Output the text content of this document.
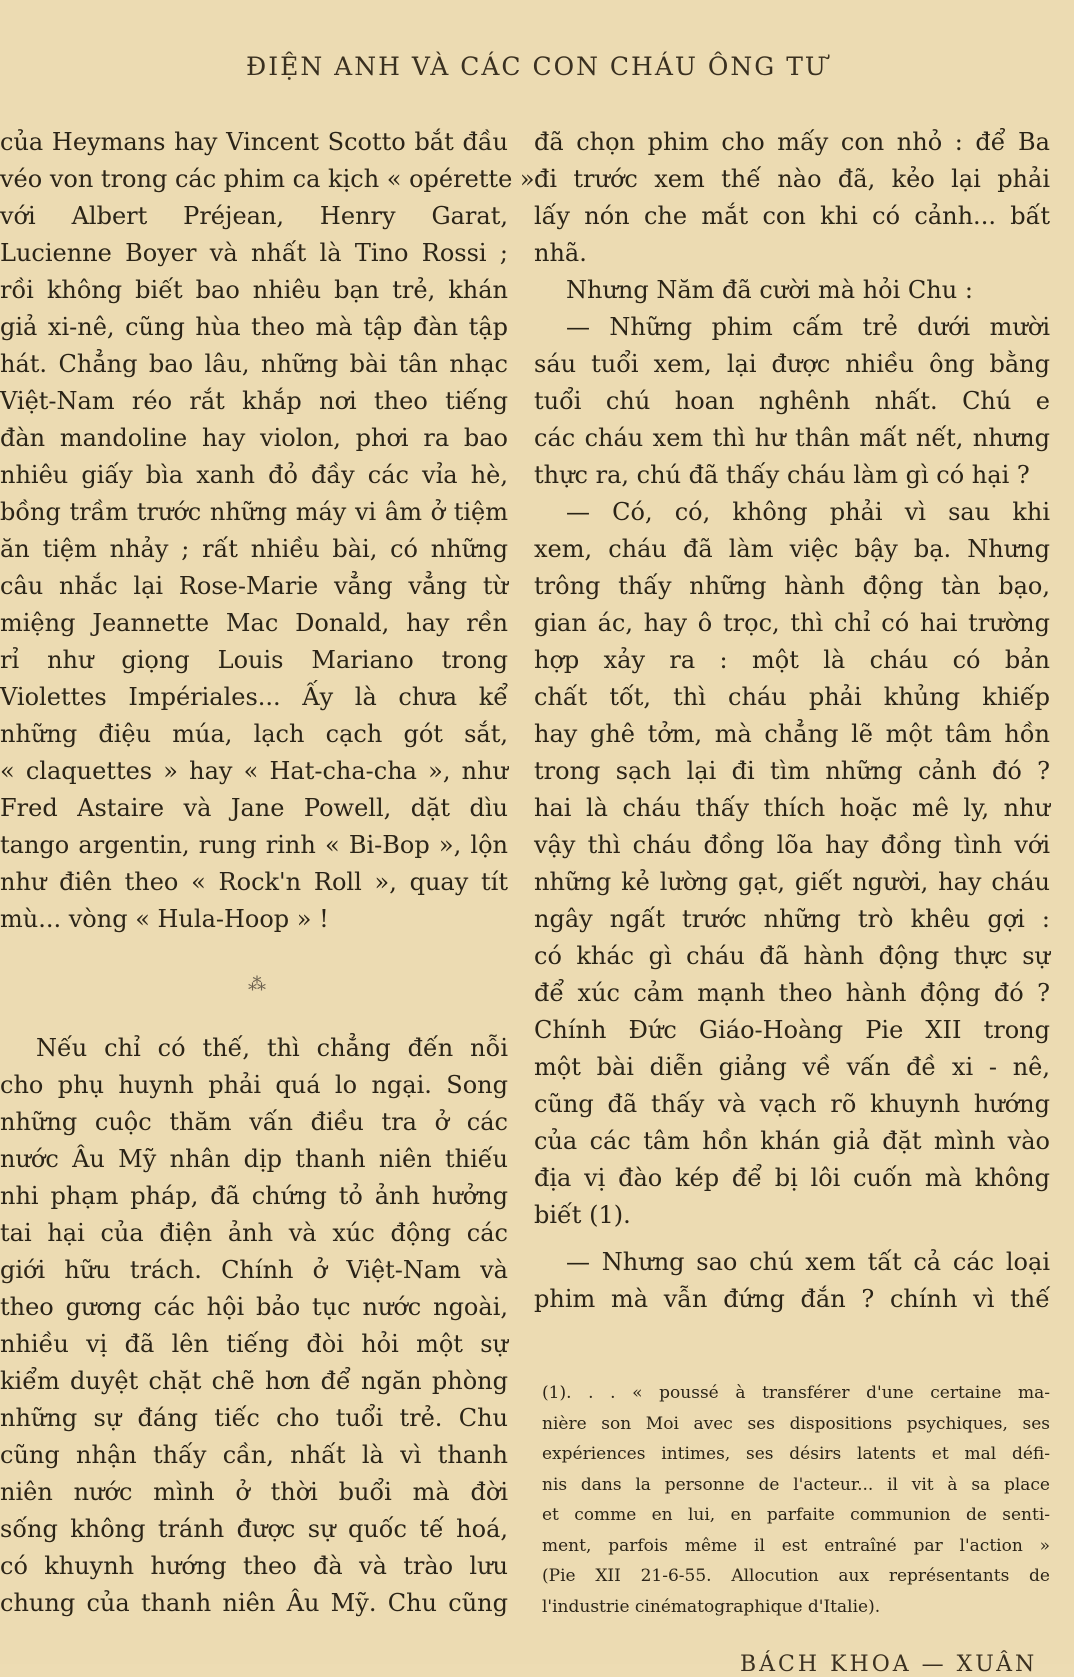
ĐIỆN ANH VÀ CÁC CON CHÁU ÔNG TƯ
của Heymans hay Vincent Scotto bắt đầu
véo von trong các phim ca kịch « opérette »
với Albert Préjean, Henry Garat,
Lucienne Boyer và nhất là Tino Rossi ;
rồi không biết bao nhiêu bạn trẻ, khán
giả xi-nê, cũng hùa theo mà tập đàn tập
hát. Chẳng bao lâu, những bài tân nhạc
Việt-Nam réo rắt khắp nơi theo tiếng
đàn mandoline hay violon, phơi ra bao
nhiêu giấy bìa xanh đỏ đầy các vỉa hè,
bồng trầm trước những máy vi âm ở tiệm
ăn tiệm nhảy ; rất nhiều bài, có những
câu nhắc lại Rose-Marie vẳng vẳng từ
miệng Jeannette Mac Donald, hay rền
rỉ như giọng Louis Mariano trong
Violettes Impériales... Ấy là chưa kể
những điệu múa, lạch cạch gót sắt,
« claquettes » hay « Hat-cha-cha », như
Fred Astaire và Jane Powell, dặt dìu
tango argentin, rung rinh « Bi-Bop », lộn
như điên theo « Rock'n Roll », quay tít
mù... vòng « Hula-Hoop » !
⁂
Nếu chỉ có thế, thì chẳng đến nỗi
cho phụ huynh phải quá lo ngại. Song
những cuộc thăm vấn điều tra ở các
nước Âu Mỹ nhân dịp thanh niên thiếu
nhi phạm pháp, đã chứng tỏ ảnh hưởng
tai hại của điện ảnh và xúc động các
giới hữu trách. Chính ở Việt-Nam và
theo gương các hội bảo tục nước ngoài,
nhiều vị đã lên tiếng đòi hỏi một sự
kiểm duyệt chặt chẽ hơn để ngăn phòng
những sự đáng tiếc cho tuổi trẻ. Chu
cũng nhận thấy cần, nhất là vì thanh
niên nước mình ở thời buổi mà đời
sống không tránh được sự quốc tế hoá,
có khuynh hướng theo đà và trào lưu
chung của thanh niên Âu Mỹ. Chu cũng
đã chọn phim cho mấy con nhỏ : để Ba
đi trước xem thế nào đã, kẻo lại phải
lấy nón che mắt con khi có cảnh... bất
nhã.
Nhưng Năm đã cười mà hỏi Chu :
— Những phim cấm trẻ dưới mười
sáu tuổi xem, lại được nhiều ông bằng
tuổi chú hoan nghênh nhất. Chú e
các cháu xem thì hư thân mất nết, nhưng
thực ra, chú đã thấy cháu làm gì có hại ?
— Có, có, không phải vì sau khi
xem, cháu đã làm việc bậy bạ. Nhưng
trông thấy những hành động tàn bạo,
gian ác, hay ô trọc, thì chỉ có hai trường
hợp xảy ra : một là cháu có bản
chất tốt, thì cháu phải khủng khiếp
hay ghê tởm, mà chẳng lẽ một tâm hồn
trong sạch lại đi tìm những cảnh đó ?
hai là cháu thấy thích hoặc mê ly, như
vậy thì cháu đồng lõa hay đồng tình với
những kẻ lường gạt, giết người, hay cháu
ngây ngất trước những trò khêu gợi :
có khác gì cháu đã hành động thực sự
để xúc cảm mạnh theo hành động đó ?
Chính Đức Giáo-Hoàng Pie XII trong
một bài diễn giảng về vấn đề xi - nê,
cũng đã thấy và vạch rõ khuynh hướng
của các tâm hồn khán giả đặt mình vào
địa vị đào kép để bị lôi cuốn mà không
biết (1).
— Nhưng sao chú xem tất cả các loại
phim mà vẫn đứng đắn ? chính vì thế
(1). . . « poussé à transférer d'une certaine ma-
nière son Moi avec ses dispositions psychiques, ses
expériences intimes, ses désirs latents et mal défi-
nis dans la personne de l'acteur... il vit à sa place
et comme en lui, en parfaite communion de senti-
ment, parfois même il est entraîné par l'action »
(Pie XII 21-6-55. Allocution aux représentants de
l'industrie cinématographique d'Italie).
BÁCH KHOA — XUÂN
